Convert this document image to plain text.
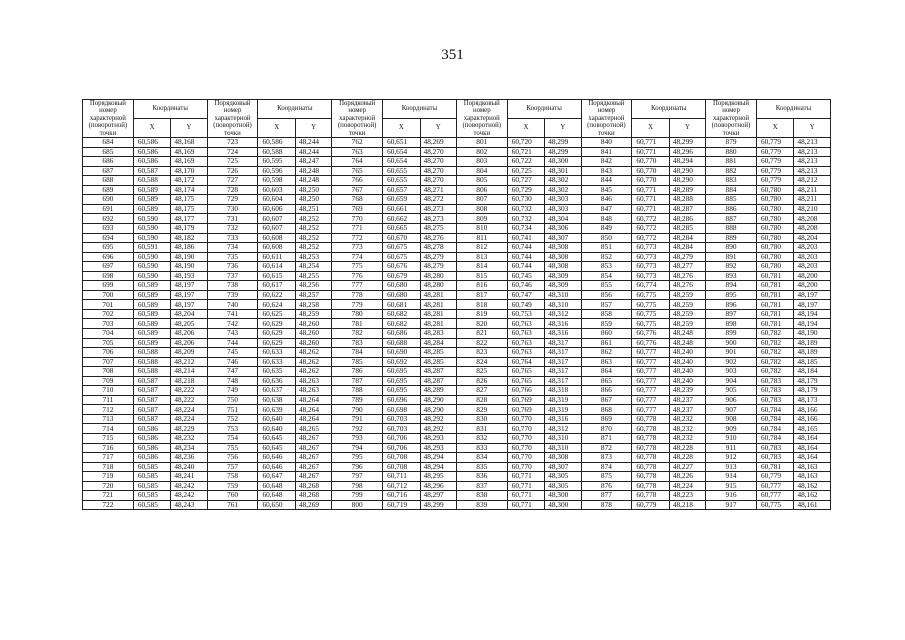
351
Порядковый номер характерной (поворотной) точки	Координаты		Порядковый номер характерной (поворотной) точки	Координаты		Порядковый номер характерной (поворотной) точки	Координаты		Порядковый номер характерной (поворотной) точки	Координаты		Порядковый номер характерной (поворотной) точки	Координаты		Порядковый номер характерной (поворотной) точки	Координаты	
	X	Y		X	Y		X	Y		X	Y		X	Y		X	Y
684	60,586	48,168	723	60,586	48,244	762	60,651	48,269	801	60,720	48,299	840	60,771	48,299	879	60,779	48,213
685	60,586	48,169	724	60,588	48,244	763	60,654	48,270	802	60,721	48,299	841	60,771	48,296	880	60,779	48,213
686	60,586	48,169	725	60,595	48,247	764	60,654	48,270	803	60,722	48,300	842	60,770	48,294	881	60,779	48,213
687	60,587	48,170	726	60,596	48,248	765	60,655	48,270	804	60,725	48,301	843	60,770	48,290	882	60,779	48,213
688	60,588	48,172	727	60,598	48,248	766	60,655	48,270	805	60,727	48,302	844	60,770	48,290	883	60,779	48,212
689	60,589	48,174	728	60,603	48,250	767	60,657	48,271	806	60,729	48,302	845	60,771	48,289	884	60,780	48,211
690	60,589	48,175	729	60,604	48,250	768	60,659	48,272	807	60,730	48,303	846	60,771	48,288	885	60,780	48,211
691	60,589	48,175	730	60,606	48,251	769	60,661	48,273	808	60,732	48,303	847	60,771	48,287	886	60,780	48,210
692	60,590	48,177	731	60,607	48,252	770	60,662	48,273	809	60,732	48,304	848	60,772	48,286	887	60,780	48,208
693	60,590	48,179	732	60,607	48,252	771	60,665	48,275	810	60,734	48,306	849	60,772	48,285	888	60,780	48,208
694	60,590	48,182	733	60,608	48,252	772	60,670	48,276	811	60,741	48,307	850	60,772	48,284	889	60,780	48,204
695	60,591	48,186	734	60,608	48,252	773	60,675	48,278	812	60,744	48,308	851	60,773	48,284	890	60,780	48,203
696	60,590	48,190	735	60,611	48,253	774	60,675	48,279	813	60,744	48,308	852	60,773	48,279	891	60,780	48,203
697	60,590	48,190	736	60,614	48,254	775	60,676	48,279	814	60,744	48,308	853	60,773	48,277	892	60,780	48,203
698	60,590	48,193	737	60,615	48,255	776	60,679	48,280	815	60,745	48,309	854	60,773	48,276	893	60,781	48,200
699	60,589	48,197	738	60,617	48,256	777	60,680	48,280	816	60,746	48,309	855	60,774	48,276	894	60,781	48,200
700	60,589	48,197	739	60,622	48,257	778	60,680	48,281	817	60,747	48,310	856	60,775	48,259	895	60,781	48,197
701	60,589	48,197	740	60,624	48,258	779	60,681	48,281	818	60,749	48,310	857	60,775	48,259	896	60,781	48,197
702	60,589	48,204	741	60,625	48,259	780	60,682	48,281	819	60,753	48,312	858	60,775	48,259	897	60,781	48,194
703	60,589	48,205	742	60,629	48,260	781	60,682	48,281	820	60,763	48,316	859	60,775	48,259	898	60,781	48,194
704	60,589	48,206	743	60,629	48,260	782	60,686	48,283	821	60,763	48,316	860	60,776	48,248	899	60,782	48,190
705	60,589	48,206	744	60,629	48,260	783	60,688	48,284	822	60,763	48,317	861	60,776	48,248	900	60,782	48,189
706	60,588	48,209	745	60,633	48,262	784	60,690	48,285	823	60,763	48,317	862	60,777	48,240	901	60,782	48,189
707	60,588	48,212	746	60,633	48,262	785	60,692	48,285	824	60,764	48,317	863	60,777	48,240	902	60,782	48,185
708	60,588	48,214	747	60,635	48,262	786	60,695	48,287	825	60,765	48,317	864	60,777	48,240	903	60,782	48,184
709	60,587	48,218	748	60,636	48,263	787	60,695	48,287	826	60,765	48,317	865	60,777	48,240	904	60,783	48,179
710	60,587	48,222	749	60,637	48,263	788	60,695	48,289	827	60,766	48,318	866	60,777	48,239	905	60,783	48,179
711	60,587	48,222	750	60,638	48,264	789	60,696	48,290	828	60,769	48,319	867	60,777	48,237	906	60,783	48,173
712	60,587	48,224	751	60,639	48,264	790	60,698	48,290	829	60,769	48,319	868	60,777	48,237	907	60,784	48,166
713	60,587	48,224	752	60,640	48,264	791	60,703	48,292	830	60,770	48,316	869	60,778	48,232	908	60,784	48,166
714	60,586	48,229	753	60,640	48,265	792	60,703	48,292	831	60,770	48,312	870	60,778	48,232	909	60,784	48,165
715	60,586	48,232	754	60,645	48,267	793	60,706	48,293	832	60,770	48,310	871	60,778	48,232	910	60,784	48,164
716	60,586	48,234	755	60,645	48,267	794	60,706	48,293	833	60,770	48,310	872	60,778	48,228	911	60,783	48,164
717	60,586	48,236	756	60,646	48,267	795	60,708	48,294	834	60,770	48,308	873	60,778	48,228	912	60,783	48,164
718	60,585	48,240	757	60,646	48,267	796	60,708	48,294	835	60,770	48,307	874	60,778	48,227	913	60,781	48,163
719	60,585	48,241	758	60,647	48,267	797	60,711	48,295	836	60,771	48,305	875	60,778	48,226	914	60,779	48,163
720	60,585	48,242	759	60,648	48,268	798	60,712	48,296	837	60,771	48,305	876	60,778	48,224	915	60,777	48,162
721	60,585	48,242	760	60,648	48,268	799	60,716	48,297	838	60,771	48,300	877	60,778	48,223	916	60,777	48,162
722	60,585	48,243	761	60,650	48,269	800	60,719	48,299	839	60,771	48,300	878	60,779	48,218	917	60,775	48,161
